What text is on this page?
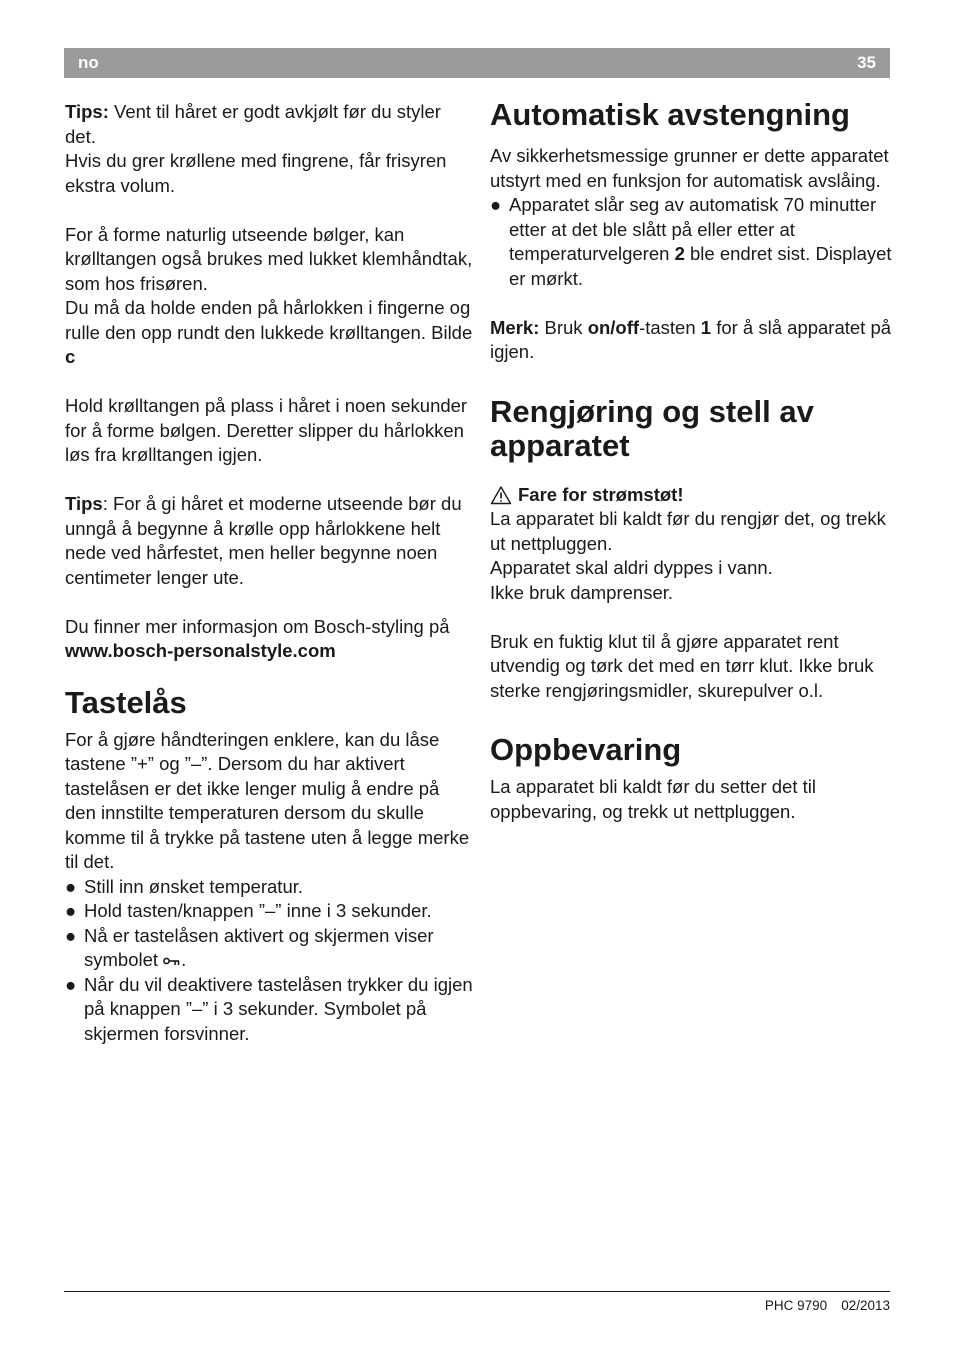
no	35

Tips: Vent til håret er godt avkjølt før du styler det.

Hvis du grer krøllene med fingrene, får frisyren ekstra volum.

For å forme naturlig utseende bølger, kan krølltangen også brukes med lukket klemhåndtak, som hos frisøren.

Du må da holde enden på hårlokken i fingerne og rulle den opp rundt den lukkede krølltangen. Bilde c

Hold krølltangen på plass i håret i noen sekunder for å forme bølgen. Deretter slipper du hårlokken løs fra krølltangen igjen.

Tips: For å gi håret et moderne utseende bør du unngå å begynne å krølle opp hårlokkene helt nede ved hårfestet, men heller begynne noen centimeter lenger ute.

Du finner mer informasjon om Bosch-styling på www.bosch-personalstyle.com

Tastelås

For å gjøre håndteringen enklere, kan du låse tastene ”+” og ”–”. Dersom du har aktivert tastelåsen er det ikke lenger mulig å endre på den innstilte temperaturen dersom du skulle komme til å trykke på tastene uten å legge merke til det.

● Still inn ønsket temperatur.
● Hold tasten/knappen ”–” inne i 3 sekunder.
● Nå er tastelåsen aktivert og skjermen viser symbolet .
● Når du vil deaktivere tastelåsen trykker du igjen på knappen ”–” i 3 sekunder. Symbolet på skjermen forsvinner.
Automatisk avstengning

Av sikkerhetsmessige grunner er dette apparatet utstyrt med en funksjon for automatisk avslåing.

● Apparatet slår seg av automatisk 70 minutter etter at det ble slått på eller etter at temperaturvelgeren 2 ble endret sist. Displayet er mørkt.

Merk: Bruk on/off-tasten 1 for å slå apparatet på igjen.

Rengjøring og stell av apparatet

Fare for strømstøt!

La apparatet bli kaldt før du rengjør det, og trekk ut nettpluggen.

Apparatet skal aldri dyppes i vann.

Ikke bruk damprenser.

Bruk en fuktig klut til å gjøre apparatet rent utvendig og tørk det med en tørr klut. Ikke bruk sterke rengjøringsmidler, skurepulver o.l.

Oppbevaring

La apparatet bli kaldt før du setter det til oppbevaring, og trekk ut nettpluggen.

PHC 9790 02/2013
